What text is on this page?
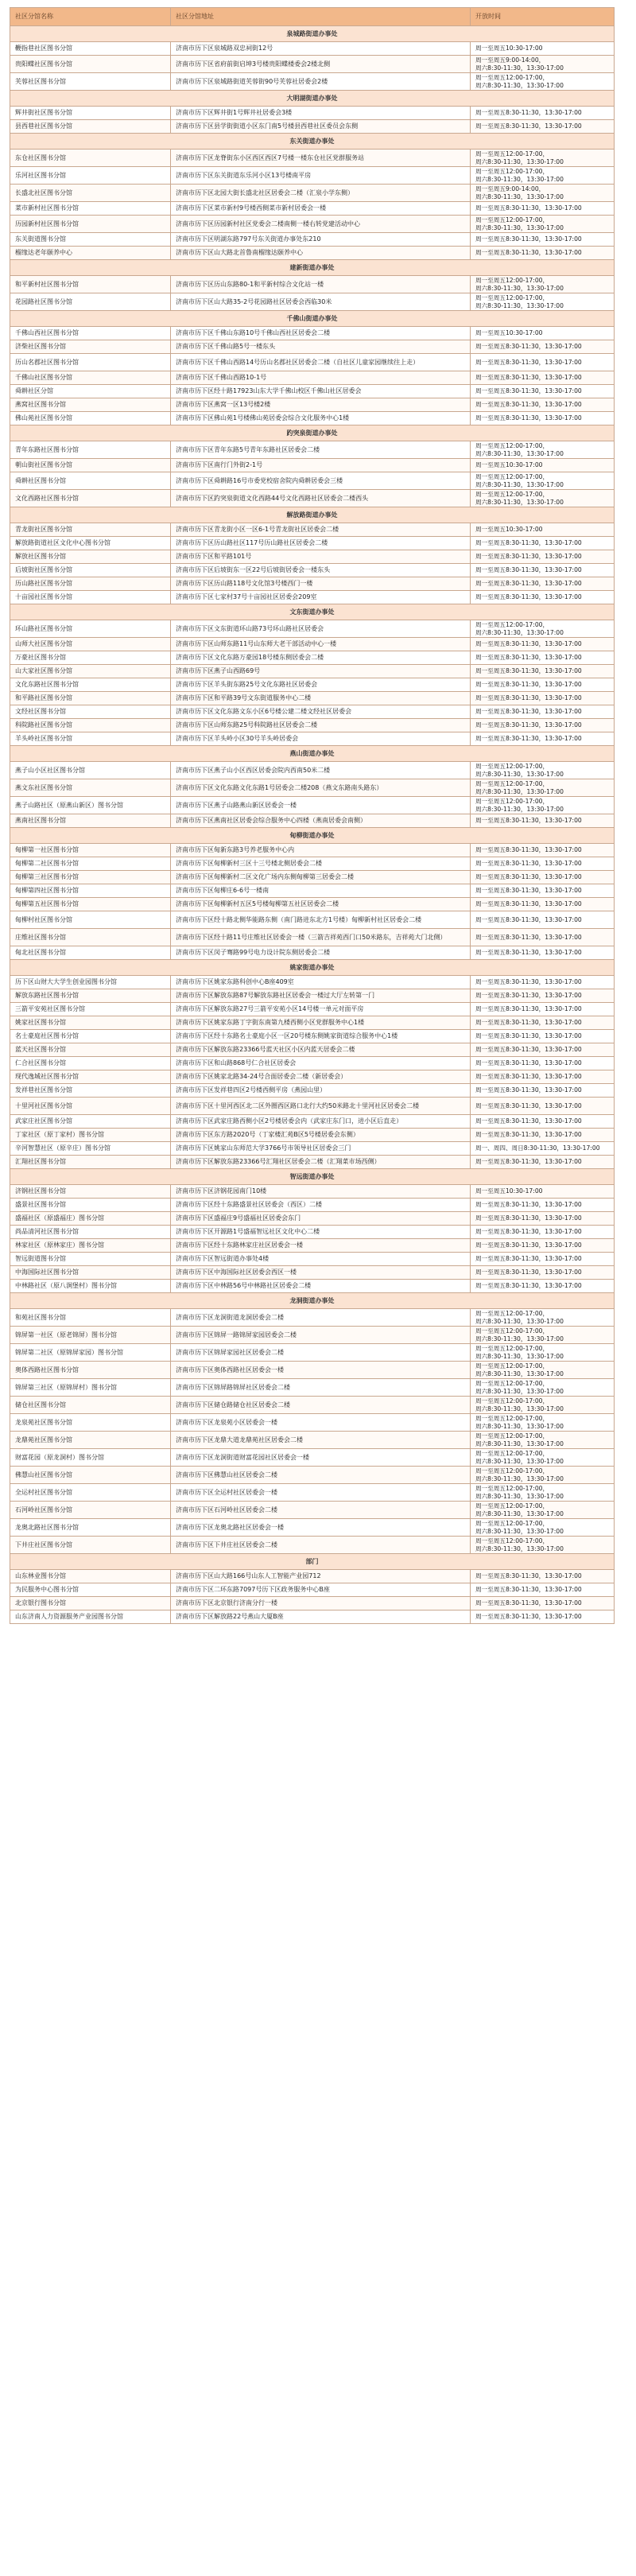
社区分馆名称	社区分馆地址	开放时间
泉城路街道办事处		
鞭指巷社区图书分馆	济南市历下区泉城路双忠祠街12号	周一至周五10:30-17:00
贵阳蝶社区图书分馆	济南市历下区省府前街启坤3号楼贵阳蝶楼委会2楼北侧	周一至周五9:00-14:00，
周六8:30-11:30，13:30-17:00
芙蓉社区图书分馆	济南市历下区泉城路街道芙蓉街90号芙蓉社居委会2楼	周一至周五12:00-17:00，
周六8:30-11:30，13:30-17:00
大明湖街道办事处		
辉井街社区图书分馆	济南市历下区辉井街1号辉井社居委会3楼	周一至周五8:30-11:30，13:30-17:00
县西巷社区图书分馆	济南市历下区县学街街道小区东门南5号楼县西巷社区委员会东侧	周一至周五8:30-11:30，13:30-17:00
东关街道办事处		
东仓社区图书分馆	济南市历下区龙脊街东小区西区西区7号楼一楼东仓社区党群服务站	周一至周五12:00-17:00，
周六8:30-11:30，13:30-17:00
乐河社区图书分馆	济南市历下区东关街道东乐河小区13号楼南平房	周一至周五12:00-17:00，
周六8:30-11:30，13:30-17:00
长盛北社区图书分馆	济南市历下区北园大街长盛北社区居委会二楼（汇泉小学东侧）	周一至周五9:00-14:00，
周六8:30-11:30，13:30-17:00
菜市新村社区图书分馆	济南市历下区菜市新村9号楼西侧菜市新村居委会一楼	周一至周五8:30-11:30，13:30-17:00
历园新村社区图书分馆	济南市历下区历园新村社区党委会二楼南侧一楼右转党建活动中心	周一至周五12:00-17:00，
周六8:30-11:30，13:30-17:00
东关街道图书分馆	济南市历下区明湖东路797号东关街道办事处东210	周一至周五8:30-11:30，13:30-17:00
榴缘达老年颐养中心	济南市历下区山大路北首鲁南榴缘达颐养中心	周一至周五8:30-11:30，13:30-17:00
建新街道办事处		
和平新村社区图书分馆	济南市历下区历山东路80-1和平新村综合文化站一楼	周一至周五12:00-17:00，
周六8:30-11:30，13:30-17:00
花园路社区图书分馆	济南市历下区山大路35-2号花园路社区居委会西临30米	周一至周五12:00-17:00，
周六8:30-11:30，13:30-17:00
千佛山街道办事处		
千佛山西社区图书分馆	济南市历下区千佛山东路10号千佛山西社区居委会二楼	周一至周五10:30-17:00
济柴社区图书分馆	济南市历下区千佛山路5号一楼东头	周一至周五8:30-11:30，13:30-17:00
历山名郡社区图书分馆	济南市历下区千佛山西路14号历山名郡社区居委会二楼（自社区儿童家园继续往上走）	周一至周五8:30-11:30，13:30-17:00
千佛山社区图书分馆	济南市历下区千佛山西路10-1号	周一至周五8:30-11:30，13:30-17:00
舜耕社区分馆	济南市历下区经十路17923山东大学千佛山校区千佛山社区居委会	周一至周五8:30-11:30，13:30-17:00
燕窝社区图书分馆	济南市历下区燕窝一区13号楼2楼	周一至周五8:30-11:30，13:30-17:00
佛山苑社区图书分馆	济南市历下区佛山苑1号楼佛山苑居委会综合文化服务中心1楼	周一至周五8:30-11:30，13:30-17:00
趵突泉街道办事处		
青年东路社区图书分馆	济南市历下区青年东路5号青年东路社区居委会二楼	周一至周五12:00-17:00，
周六8:30-11:30，13:30-17:00
朝山街社区图书分馆	济南市历下区南行门外街2-1号	周一至周五10:30-17:00
舜耕社区图书分馆	济南市历下区舜耕路16号市委党校宿舍院内舜耕居委会三楼	周一至周五12:00-17:00，
周六8:30-11:30，13:30-17:00
文化西路社区图书分馆	济南市历下区趵突泉街道文化西路44号文化西路社区居委会二楼西头	周一至周五12:00-17:00，
周六8:30-11:30，13:30-17:00
解放路街道办事处		
青龙街社区图书分馆	济南市历下区青龙街小区一区6-1号青龙街社区居委会二楼	周一至周五10:30-17:00
解放路街道社区文化中心图书分馆	济南市历下区历山路社区117号历山路社区居委会二楼	周一至周五8:30-11:30，13:30-17:00
解放社区图书分馆	济南市历下区和平路101号	周一至周五8:30-11:30，13:30-17:00
后坡街社区图书分馆	济南市历下区后坡街东一区22号后坡街居委会一楼东头	周一至周五8:30-11:30，13:30-17:00
历山路社区图书分馆	济南市历下区历山路118号文化馆3号楼西门一楼	周一至周五8:30-11:30，13:30-17:00
十亩园社区图书分馆	济南市历下区七家村37号十亩园社区居委会209室	周一至周五8:30-11:30，13:30-17:00
文东街道办事处		
环山路社区图书分馆	济南市历下区文东街道环山路73号环山路社区居委会	周一至周五12:00-17:00，
周六8:30-11:30，13:30-17:00
山师大社区图书分馆	济南市历下区山师东路11号山东师大老干部活动中心一楼	周一至周五8:30-11:30，13:30-17:00
万豪社区图书分馆	济南市历下区文化东路万豪园18号楼东侧居委会二楼	周一至周五8:30-11:30，13:30-17:00
山大家社区图书分馆	济南市历下区燕子山西路69号	周一至周五8:30-11:30，13:30-17:00
文化东路社区图书分馆	济南市历下区羊头街东路25号文化东路社区居委会	周一至周五8:30-11:30，13:30-17:00
和平路社区图书分馆	济南市历下区和平路39号文东街道服务中心二楼	周一至周五8:30-11:30，13:30-17:00
文经社区图书分馆	济南市历下区文化东路文东小区6号楼公建二楼文经社区居委会	周一至周五8:30-11:30，13:30-17:00
科院路社区图书分馆	济南市历下区山师东路25号科院路社区居委会二楼	周一至周五8:30-11:30，13:30-17:00
羊头岭社区图书分馆	济南市历下区羊头岭小区30号羊头岭居委会	周一至周五8:30-11:30，13:30-17:00
燕山街道办事处		
燕子山小区社区图书分馆	济南市历下区燕子山小区西区居委会院内西南50米二楼	周一至周五12:00-17:00，
周六8:30-11:30，13:30-17:00
燕文东社区图书分馆	济南市历下区文化东路文化东路1号居委会二楼208（燕文东路南头路东）	周一至周五12:00-17:00，
周六8:30-11:30，13:30-17:00
燕子山路社区（原燕山新区）图书分馆	济南市历下区燕子山路燕山新区居委会一楼	周一至周五12:00-17:00，
周六8:30-11:30，13:30-17:00
燕南社区图书分馆	济南市历下区燕南社区居委会综合服务中心四楼（燕南居委会南侧）	周一至周五8:30-11:30，13:30-17:00
甸柳街道办事处		
甸柳第一社区图书分馆	济南市历下区甸新东路3号养老服务中心内	周一至周五8:30-11:30，13:30-17:00
甸柳第二社区图书分馆	济南市历下区甸柳新村三区十三号楼北侧居委会二楼	周一至周五8:30-11:30，13:30-17:00
甸柳第三社区图书分馆	济南市历下区甸柳新村二区文化广场内东侧甸柳第三居委会二楼	周一至周五8:30-11:30，13:30-17:00
甸柳第四社区图书分馆	济南市历下区甸柳庄6-6号一楼南	周一至周五8:30-11:30，13:30-17:00
甸柳第五社区图书分馆	济南市历下区甸柳新村五区5号楼甸柳第五社区居委会二楼	周一至周五8:30-11:30，13:30-17:00
甸柳村社区图书分馆	济南市历下区经十路北侧华能路东侧（南门路进东北方1号楼）甸柳新村社区居委会二楼	周一至周五8:30-11:30，13:30-17:00
庄维社区图书分馆	济南市历下区经十路11号庄维社区居委会一楼（三箭吉祥苑西门口50米路东，吉祥苑大门北侧）	周一至周五8:30-11:30，13:30-17:00
甸北社区图书分馆	济南市历下区闵子骞路99号电力设计院东侧居委会二楼	周一至周五8:30-11:30，13:30-17:00
姚家街道办事处		
历下区山财大大学生创业园图书分馆	济南市历下区姚家东路科创中心B座409室	周一至周五8:30-11:30，13:30-17:00
解放东路社区图书分馆	济南市历下区解放东路87号解放东路社区居委会一楼过大厅左转第一门	周一至周五8:30-11:30，13:30-17:00
三箭平安苑社区图书分馆	济南市历下区解放东路27号三箭平安苑小区14号楼一单元对面平房	周一至周五8:30-11:30，13:30-17:00
姚家社区图书分馆	济南市历下区姚家东路丁字街东南第九楼西侧小区党群服务中心1楼	周一至周五8:30-11:30，13:30-17:00
名士豪庭社区图书分馆	济南市历下区经十东路名士豪庭小区一区20号楼东侧姚家街道综合服务中心1楼	周一至周五8:30-11:30，13:30-17:00
蓝天社区图书分馆	济南市历下区解放东路23366号蓝天社区小区内蓝天居委会二楼	周一至周五8:30-11:30，13:30-17:00
仁合社区图书分馆	济南市历下区和山路868号仁合社区居委会	周一至周五8:30-11:30，13:30-17:00
现代逸城社区图书分馆	济南市历下区姚家北路34-24号合面居委会二楼（新居委会）	周一至周五8:30-11:30，13:30-17:00
发祥巷社区图书分馆	济南市历下区发祥巷四区2号楼西侧平房（燕园山里）	周一至周五8:30-11:30，13:30-17:00
十里河社区图书分馆	济南市历下区十里河西区北二区外圈西区路口北行大约50米路北十里河社区居委会二楼	周一至周五8:30-11:30，13:30-17:00
武家庄社区图书分馆	济南市历下区武家庄路西侧小区2号楼居委会内（武家庄东门口，进小区后直走）	周一至周五8:30-11:30，13:30-17:00
丁家社区（原丁家村）图书分馆	济南市历下区东方路2020号（丁家楼汇苑B区5号楼居委会东侧）	周一至周五8:30-11:30，13:30-17:00
辛河智慧社区（原辛庄）图书分馆	济南市历下区姚家山东师范大学3766号市领导社区居委会三门	周一、周四、周日8:30-11:30，13:30-17:00
汇翔社区图书分馆	济南市历下区解放东路23366号汇翔社区居委会二楼（汇翔菜市场西侧）	周一至周五8:30-11:30，13:30-17:00
智远街道办事处		
济钢社区图书分馆	济南市历下区济钢花园南门10楼	周一至周五10:30-17:00
盛景社区图书分馆	济南市历下区经十东路盛景社区居委会（西区）二楼	周一至周五8:30-11:30，13:30-17:00
盛福社区（原盛福庄）图书分馆	济南市历下区盛福庄9号盛福社区居委会东门	周一至周五8:30-11:30，13:30-17:00
尚品清河社区图书分馆	济南市历下区开源路1号盛福智远社区文化中心二楼	周一至周五8:30-11:30，13:30-17:00
林家社区（原林家庄）图书分馆	济南市历下区经十东路林家庄社区居委会一楼	周一至周五8:30-11:30，13:30-17:00
智远街道图书分馆	济南市历下区智远街道办事处4楼	周一至周五8:30-11:30，13:30-17:00
中海国际社区图书分馆	济南市历下区中海国际社区居委会西区一楼	周一至周五8:30-11:30，13:30-17:00
中林路社区（原八涧堡村）图书分馆	济南市历下区中林路56号中林路社区居委会二楼	周一至周五8:30-11:30，13:30-17:00
龙洞街道办事处		
和苑社区图书分馆	济南市历下区龙洞街道龙洞居委会二楼	周一至周五12:00-17:00，
周六8:30-11:30，13:30-17:00
锦屏第一社区（原老锦屏）图书分馆	济南市历下区锦屏一路锦屏家园居委会二楼	周一至周五12:00-17:00，
周六8:30-11:30，13:30-17:00
锦屏第二社区（原锦屏家园）图书分馆	济南市历下区锦屏家园社区居委会二楼	周一至周五12:00-17:00，
周六8:30-11:30，13:30-17:00
奥体西路社区图书分馆	济南市历下区奥体西路社区居委会一楼	周一至周五12:00-17:00，
周六8:30-11:30，13:30-17:00
锦屏第三社区（原锦屏村）图书分馆	济南市历下区锦屏路锦屏社区居委会二楼	周一至周五12:00-17:00，
周六8:30-11:30，13:30-17:00
储仓社区图书分馆	济南市历下区储仓路储仓社区居委会二楼	周一至周五12:00-17:00，
周六8:30-11:30，13:30-17:00
龙泉苑社区图书分馆	济南市历下区龙泉苑小区居委会一楼	周一至周五12:00-17:00，
周六8:30-11:30，13:30-17:00
龙鼎苑社区图书分馆	济南市历下区龙鼎大道龙鼎苑社区居委会二楼	周一至周五12:00-17:00，
周六8:30-11:30，13:30-17:00
财富花园（原龙洞村）图书分馆	济南市历下区龙洞街道财富花园社区居委会一楼	周一至周五12:00-17:00，
周六8:30-11:30，13:30-17:00
佛慧山社区图书分馆	济南市历下区佛慧山社区居委会二楼	周一至周五12:00-17:00，
周六8:30-11:30，13:30-17:00
全运村社区图书分馆	济南市历下区全运村社区居委会一楼	周一至周五12:00-17:00，
周六8:30-11:30，13:30-17:00
石河岭社区图书分馆	济南市历下区石河岭社区居委会二楼	周一至周五12:00-17:00，
周六8:30-11:30，13:30-17:00
龙奥北路社区图书分馆	济南市历下区龙奥北路社区居委会一楼	周一至周五12:00-17:00，
周六8:30-11:30，13:30-17:00
下井庄社区图书分馆	济南市历下区下井庄社区居委会二楼	周一至周五12:00-17:00，
周六8:30-11:30，13:30-17:00
部门		
山东林业图书分馆	济南市历下区山大路166号山东人工智能产业园712	周一至周五8:30-11:30，13:30-17:00
为民服务中心图书分馆	济南市历下区二环东路7097号历下区政务服务中心B座	周一至周五8:30-11:30，13:30-17:00
北京银行图书分馆	济南市历下区北京银行济南分行一楼	周一至周五8:30-11:30，13:30-17:00
山东济南人力资源服务产业园图书分馆	济南市历下区解放路22号燕山大厦B座	周一至周五8:30-11:30，13:30-17:00
